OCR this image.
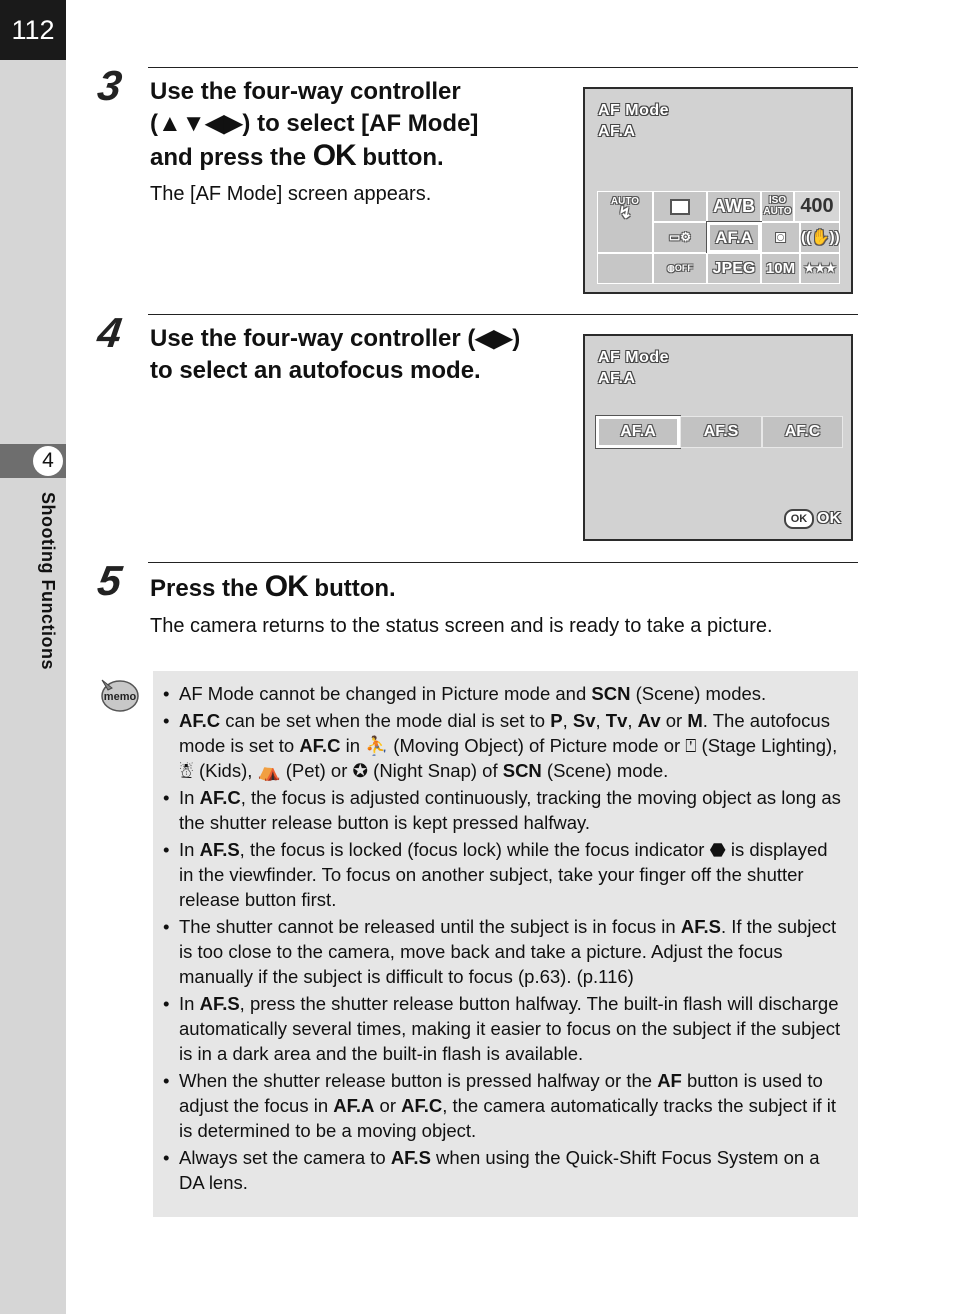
112
4
Shooting Functions
3 Use the four-way controller
(▲▼◀▶) to select [AF Mode]
and press the OK button.
The [AF Mode] screen appears.
AF Mode
AF.A
AUTO
↯	AWB	ISO
AUTO 400
▭⚙	AF.A	◙	((✋))
◍OFF	JPEG 10M ★★★
4 Use the four-way controller (◀▶)
to select an autofocus mode.	AF Mode
AF.A
AF.A	AF.S	AF.C
OK OK
5 Press the OK button.
The camera returns to the status screen and is ready to take a picture.
memo
• AF Mode cannot be changed in Picture mode and SCN (Scene) modes.
• AF.C can be set when the mode dial is set to P, Sv, Tv, Av or M. The autofocus mode is set to AF.C in ⛹ (Moving Object) of Picture mode or ⍞ (Stage Lighting), ☃ (Kids), ⛺ (Pet) or ✪ (Night Snap) of SCN (Scene) mode.
• In AF.C, the focus is adjusted continuously, tracking the moving object as long as the shutter release button is kept pressed halfway.
• In AF.S, the focus is locked (focus lock) while the focus indicator ⬣ is displayed in the viewfinder. To focus on another subject, take your finger off the shutter release button first.
• The shutter cannot be released until the subject is in focus in AF.S. If the subject is too close to the camera, move back and take a picture. Adjust the focus manually if the subject is difficult to focus (p.63). (p.116)
• In AF.S, press the shutter release button halfway. The built-in flash will discharge automatically several times, making it easier to focus on the subject if the subject is in a dark area and the built-in flash is available.
• When the shutter release button is pressed halfway or the AF button is used to adjust the focus in AF.A or AF.C, the camera automatically tracks the subject if it is determined to be a moving object.
• Always set the camera to AF.S when using the Quick-Shift Focus System on a DA lens.
